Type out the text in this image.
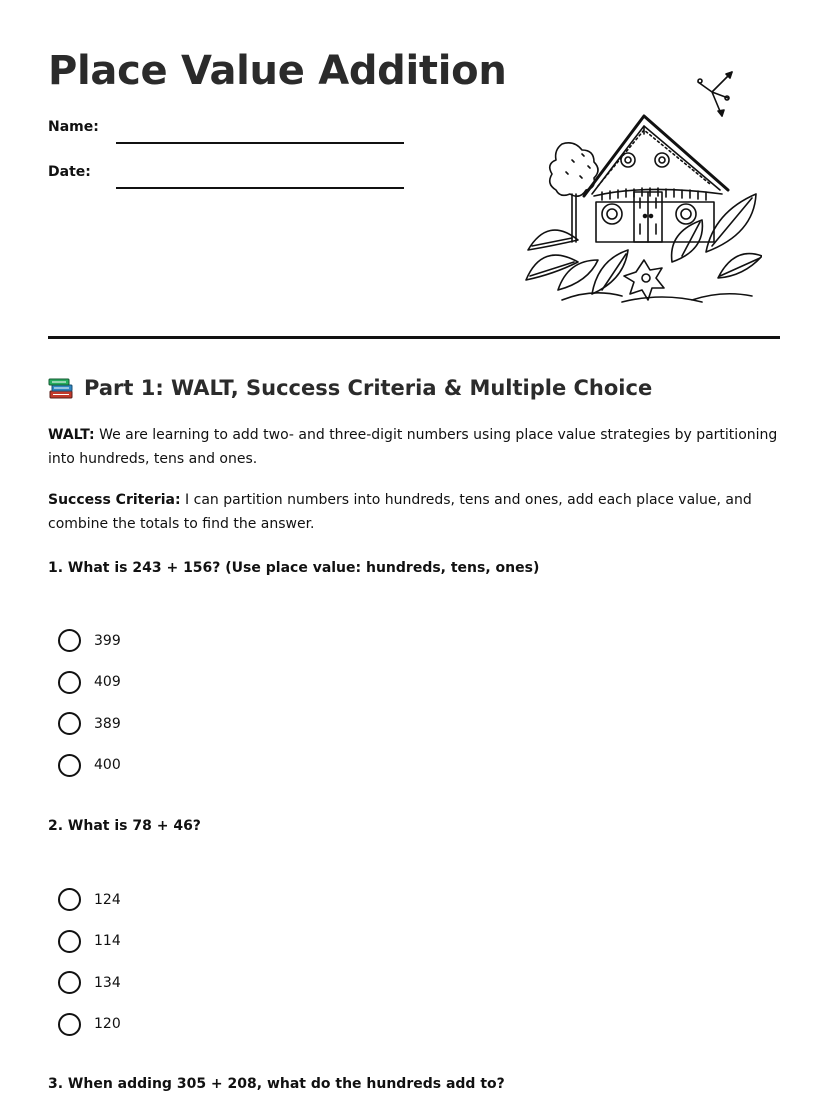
Place Value Addition
Name:
Date:
Part 1: WALT, Success Criteria & Multiple Choice

WALT: We are learning to add two- and three-digit numbers using place value strategies by partitioning into hundreds, tens and ones.

Success Criteria: I can partition numbers into hundreds, tens and ones, add each place value, and combine the totals to find the answer.

1. What is 243 + 156? (Use place value: hundreds, tens, ones)
399
409
389
400
2. What is 78 + 46?
124
114
134
120
3. When adding 305 + 208, what do the hundreds add to?
